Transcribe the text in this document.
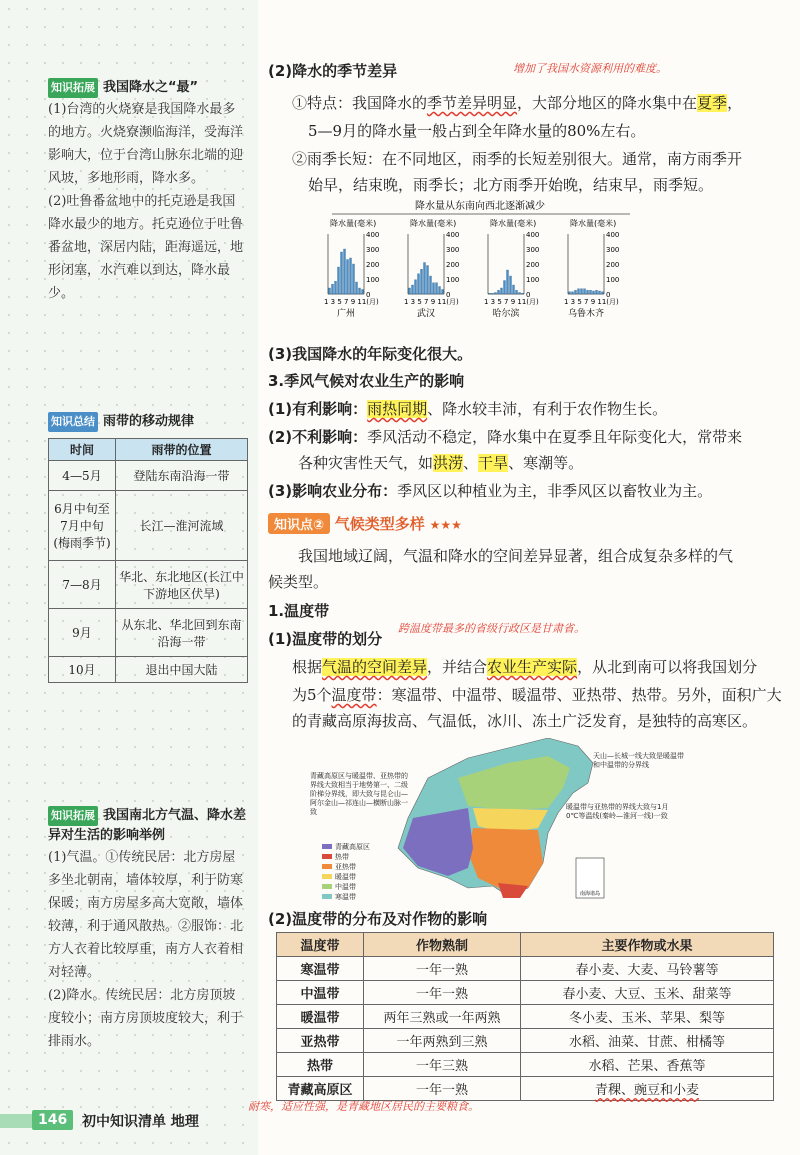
知识拓展 我国降水之“最”

(1)台湾的火烧寮是我国降水最多的地方。火烧寮濒临海洋，受海洋影响大，位于台湾山脉东北端的迎风坡，多地形雨，降水多。

(2)吐鲁番盆地中的托克逊是我国降水最少的地方。托克逊位于吐鲁番盆地，深居内陆，距海遥远，地形闭塞，水汽难以到达，降水最少。

知识总结 雨带的移动规律
时间	雨带的位置
4—5月	登陆东南沿海一带
6月中旬至7月中旬(梅雨季节)	长江—淮河流域
7—8月	华北、东北地区(长江中下游地区伏旱)
9月	从东北、华北回到东南沿海一带
10月	退出中国大陆
知识拓展 我国南北方气温、降水差异对生活的影响举例

(1)气温。①传统民居：北方房屋多坐北朝南，墙体较厚，利于防寒保暖；南方房屋多高大宽敞，墙体较薄，利于通风散热。②服饰：北方人衣着比较厚重，南方人衣着相对轻薄。

(2)降水。传统民居：北方房顶坡度较小；南方房顶坡度较大，利于排雨水。

(2)降水的季节差异	增加了我国水资源利用的难度。
①特点：我国降水的季节差异明显，大部分地区的降水集中在夏季，
5—9月的降水量一般占到全年降水量的80%左右。
②雨季长短：在不同地区，雨季的长短差别很大。通常，南方雨季开
始早，结束晚，雨季长；北方雨季开始晚，结束早，雨季短。
(3)我国降水的年际变化很大。
3.季风气候对农业生产的影响
(1)有利影响：雨热同期、降水较丰沛，有利于农作物生长。
(2)不利影响：季风活动不稳定，降水集中在夏季且年际变化大，常带来
各种灾害性天气，如洪涝、干旱、寒潮等。
(3)影响农业分布：季风区以种植业为主，非季风区以畜牧业为主。
知识点② 气候类型多样 ★★★
我国地域辽阔，气温和降水的空间差异显著，组合成复杂多样的气
候类型。
1.温度带
(1)温度带的划分
跨温度带最多的省级行政区是甘肃省。
根据气温的空间差异，并结合农业生产实际，从北到南可以将我国划分
为5个温度带：寒温带、中温带、暖温带、亚热带、热带。另外，面积广大
的青藏高原海拔高、气温低，冰川、冻土广泛发育，是独特的高寒区。
(2)温度带的分布及对作物的影响
耐寒，适应性强，是青藏地区居民的主要粮食。
降水量从东南向西北逐渐减少
降水量(毫米)
400
300
200
100
0
1 3 5 7 9 11(月)
广州
降水量(毫米)
400
300
200
100
0
1 3 5 7 9 11(月)
武汉
降水量(毫米)
400
300
200
100
0
1 3 5 7 9 11(月)
哈尔滨
降水量(毫米)
400
300
200
100
0
1 3 5 7 9 11(月)
乌鲁木齐
南海诸岛
青藏高原区与暖温带、亚热带的界线大致相当于地势第一、二级阶梯分界线，即大致与昆仑山—阿尔金山—祁连山—横断山脉一致
天山—长城一线大致是暖温带和中温带的分界线
暖温带与亚热带的界线大致与1月0℃等温线(秦岭—淮河一线)一致
青藏高原区
热带
亚热带
暖温带
中温带
寒温带
温度带	作物熟制	主要作物或水果
寒温带	一年一熟	春小麦、大麦、马铃薯等
中温带	一年一熟	春小麦、大豆、玉米、甜菜等
暖温带	两年三熟或一年两熟	冬小麦、玉米、苹果、梨等
亚热带	一年两熟到三熟	水稻、油菜、甘蔗、柑橘等
热带	一年三熟	水稻、芒果、香蕉等
青藏高原区	一年一熟	青稞、豌豆和小麦
146	初中知识清单 地理
